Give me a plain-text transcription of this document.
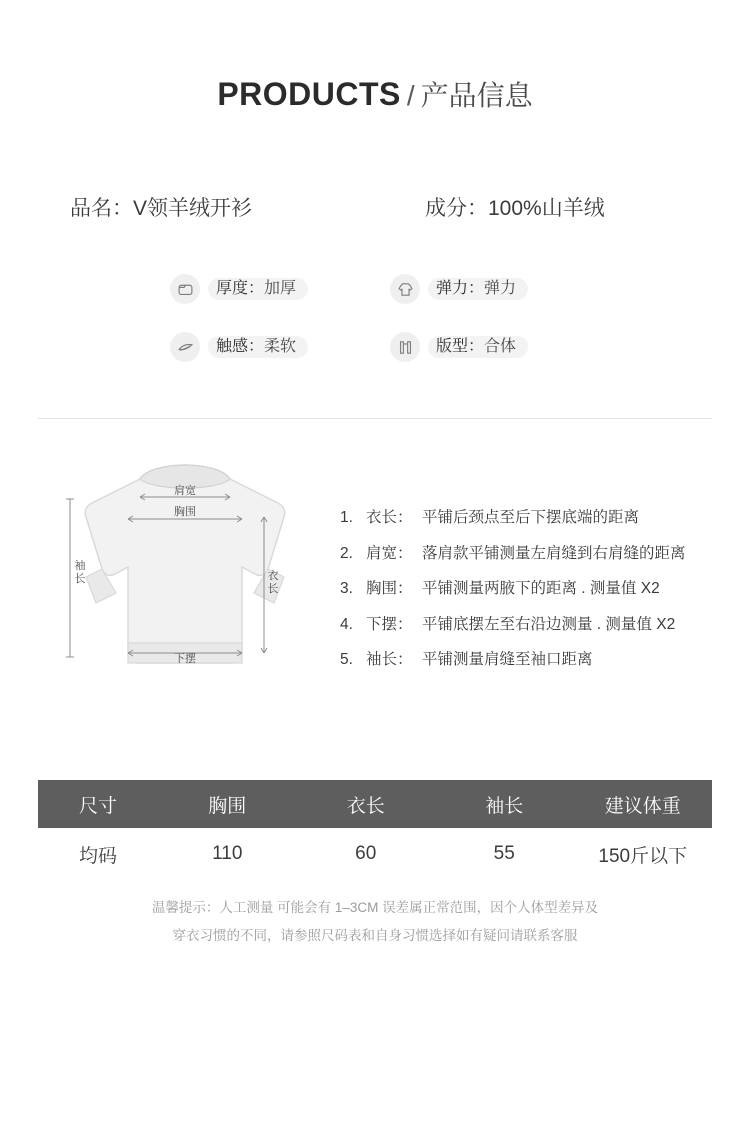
PRODUCTS / 产品信息
品名：V领羊绒开衫	成分：100%山羊绒
厚度：加厚	弹力：弹力
触感：柔软	版型：合体
肩宽
胸围
下摆
衣长
袖长
1. 衣长： 平铺后颈点至后下摆底端的距离
2. 肩宽： 落肩款平铺测量左肩缝到右肩缝的距离
3. 胸围： 平铺测量两腋下的距离 . 测量值 X2
4. 下摆： 平铺底摆左至右沿边测量 . 测量值 X2
5. 袖长： 平铺测量肩缝至袖口距离
尺寸	胸围	衣长	袖长	建议体重
均码	110	60	55	150斤以下
温馨提示：人工测量 可能会有 1–3CM 误差属正常范围，因个人体型差异及
穿衣习惯的不同，请参照尺码表和自身习惯选择如有疑问请联系客服
